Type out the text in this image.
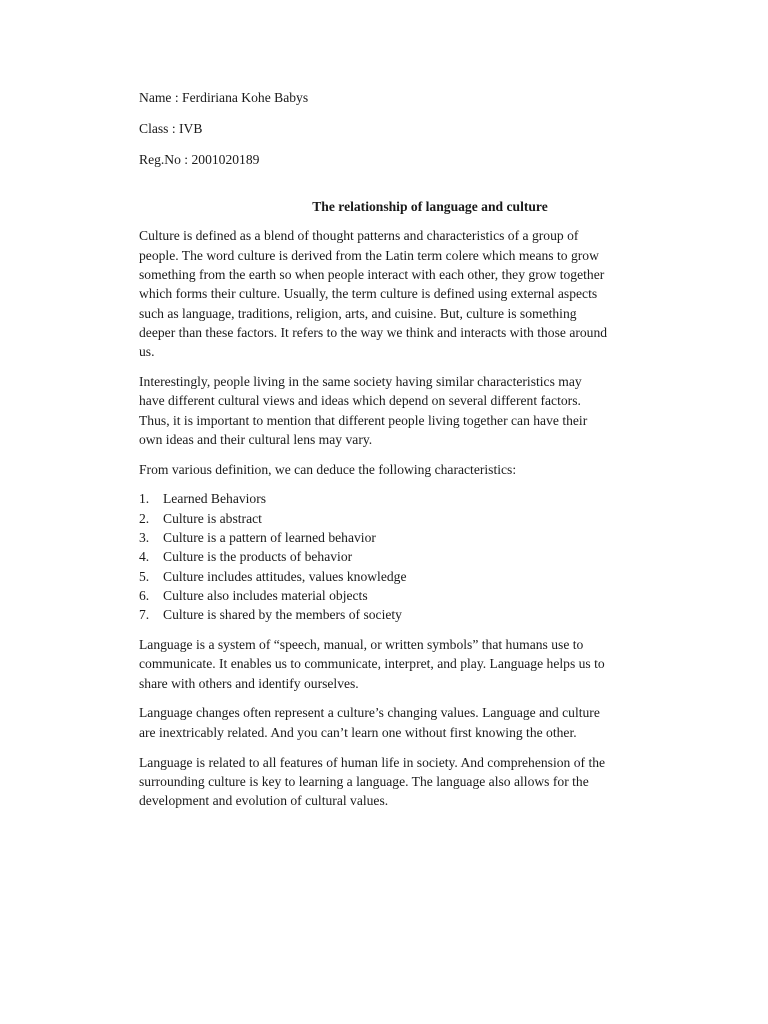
Name : Ferdiriana Kohe Babys
Class : IVB
Reg.No : 2001020189
The relationship of language and culture
Culture is defined as a blend of thought patterns and characteristics of a group of
people. The word culture is derived from the Latin term colere which means to grow
something from the earth so when people interact with each other, they grow together
which forms their culture. Usually, the term culture is defined using external aspects
such as language, traditions, religion, arts, and cuisine. But, culture is something
deeper than these factors. It refers to the way we think and interacts with those around
us.
Interestingly, people living in the same society having similar characteristics may
have different cultural views and ideas which depend on several different factors.
Thus, it is important to mention that different people living together can have their
own ideas and their cultural lens may vary.
From various definition, we can deduce the following characteristics:
1.	Learned Behaviors
2.	Culture is abstract
3.	Culture is a pattern of learned behavior
4.	Culture is the products of behavior
5.	Culture includes attitudes, values knowledge
6.	Culture also includes material objects
7.	Culture is shared by the members of society
Language is a system of “speech, manual, or written symbols” that humans use to
communicate. It enables us to communicate, interpret, and play. Language helps us to
share with others and identify ourselves.
Language changes often represent a culture’s changing values. Language and culture
are inextricably related. And you can’t learn one without first knowing the other.
Language is related to all features of human life in society. And comprehension of the
surrounding culture is key to learning a language. The language also allows for the
development and evolution of cultural values.
